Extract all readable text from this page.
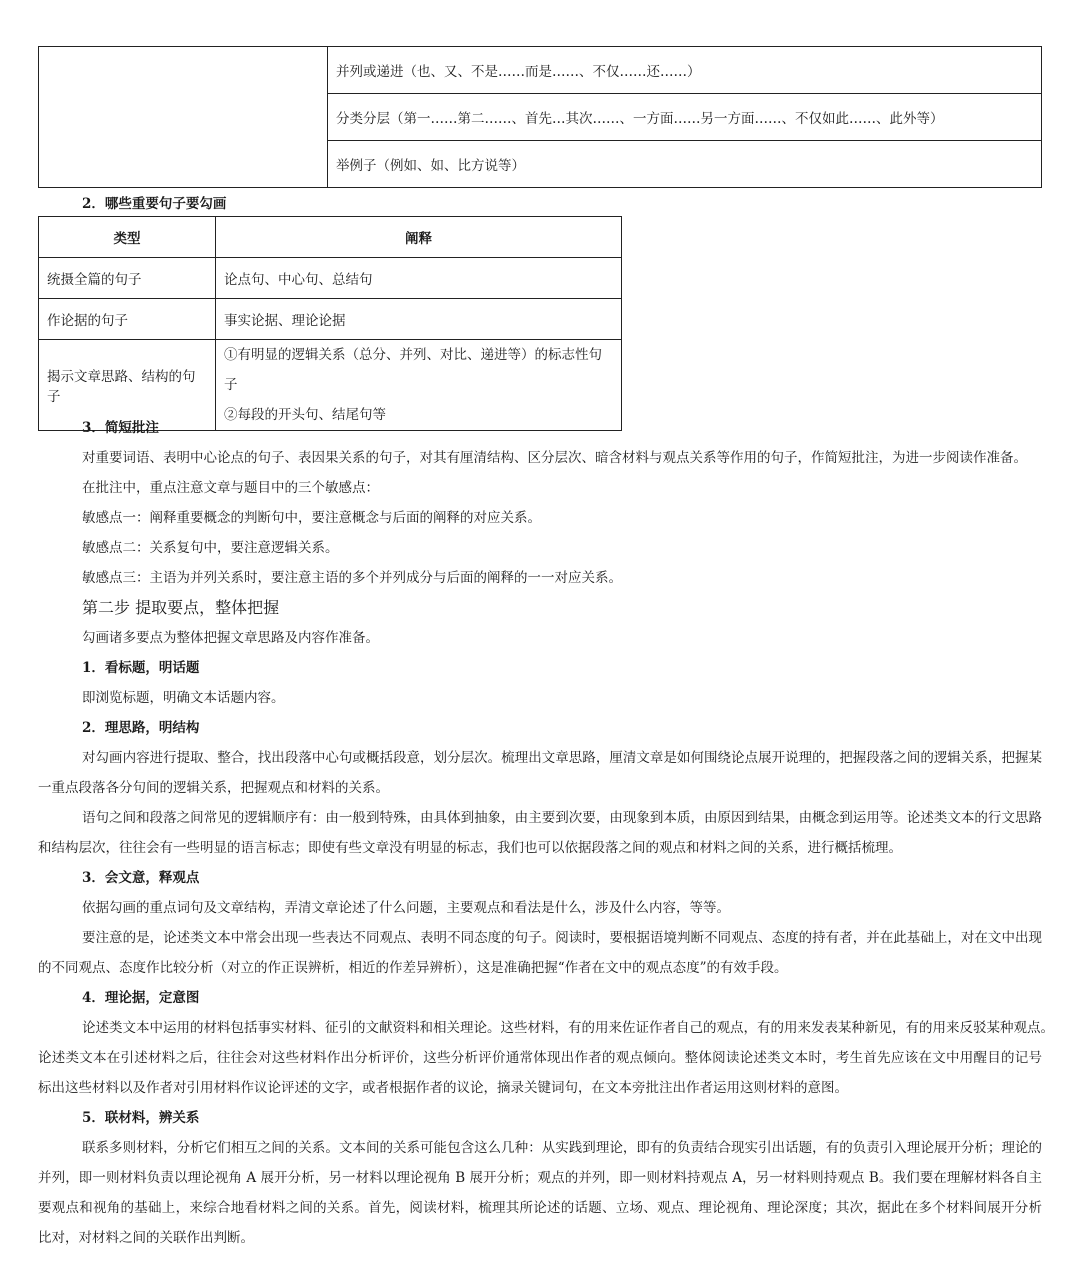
	并列或递进（也、又、不是……而是……、不仅……还……）
分类分层（第一……第二……、首先…其次……、一方面……另一方面……、不仅如此……、此外等）
举例子（例如、如、比方说等）
2．哪些重要句子要勾画
类型	阐释
统摄全篇的句子	论点句、中心句、总结句
作论据的句子	事实论据、理论论据
揭示文章思路、结构的句子	①有明显的逻辑关系（总分、并列、对比、递进等）的标志性句子
②每段的开头句、结尾句等
3．简短批注
对重要词语、表明中心论点的句子、表因果关系的句子，对其有厘清结构、区分层次、暗含材料与观点关系等作用的句子，作简短批注，为进一步阅读作准备。
在批注中，重点注意文章与题目中的三个敏感点：
敏感点一：阐释重要概念的判断句中，要注意概念与后面的阐释的对应关系。
敏感点二：关系复句中，要注意逻辑关系。
敏感点三：主语为并列关系时，要注意主语的多个并列成分与后面的阐释的一一对应关系。
第二步 提取要点，整体把握
勾画诸多要点为整体把握文章思路及内容作准备。
1．看标题，明话题
即浏览标题，明确文本话题内容。
2．理思路，明结构
对勾画内容进行提取、整合，找出段落中心句或概括段意，划分层次。梳理出文章思路，厘清文章是如何围绕论点展开说理的，把握段落之间的逻辑关系，把握某
一重点段落各分句间的逻辑关系，把握观点和材料的关系。
语句之间和段落之间常见的逻辑顺序有：由一般到特殊，由具体到抽象，由主要到次要，由现象到本质，由原因到结果，由概念到运用等。论述类文本的行文思路
和结构层次，往往会有一些明显的语言标志；即使有些文章没有明显的标志，我们也可以依据段落之间的观点和材料之间的关系，进行概括梳理。
3．会文意，释观点
依据勾画的重点词句及文章结构，弄清文章论述了什么问题，主要观点和看法是什么，涉及什么内容，等等。
要注意的是，论述类文本中常会出现一些表达不同观点、表明不同态度的句子。阅读时，要根据语境判断不同观点、态度的持有者，并在此基础上，对在文中出现
的不同观点、态度作比较分析（对立的作正误辨析，相近的作差异辨析），这是准确把握“作者在文中的观点态度”的有效手段。
4．理论据，定意图
论述类文本中运用的材料包括事实材料、征引的文献资料和相关理论。这些材料，有的用来佐证作者自己的观点，有的用来发表某种新见，有的用来反驳某种观点。
论述类文本在引述材料之后，往往会对这些材料作出分析评价，这些分析评价通常体现出作者的观点倾向。整体阅读论述类文本时，考生首先应该在文中用醒目的记号
标出这些材料以及作者对引用材料作议论评述的文字，或者根据作者的议论，摘录关键词句，在文本旁批注出作者运用这则材料的意图。
5．联材料，辨关系
联系多则材料，分析它们相互之间的关系。文本间的关系可能包含这么几种：从实践到理论，即有的负责结合现实引出话题，有的负责引入理论展开分析；理论的
并列，即一则材料负责以理论视角 A 展开分析，另一材料以理论视角 B 展开分析；观点的并列，即一则材料持观点 A，另一材料则持观点 B。我们要在理解材料各自主
要观点和视角的基础上，来综合地看材料之间的关系。首先，阅读材料，梳理其所论述的话题、立场、观点、理论视角、理论深度；其次，据此在多个材料间展开分析
比对，对材料之间的关联作出判断。
